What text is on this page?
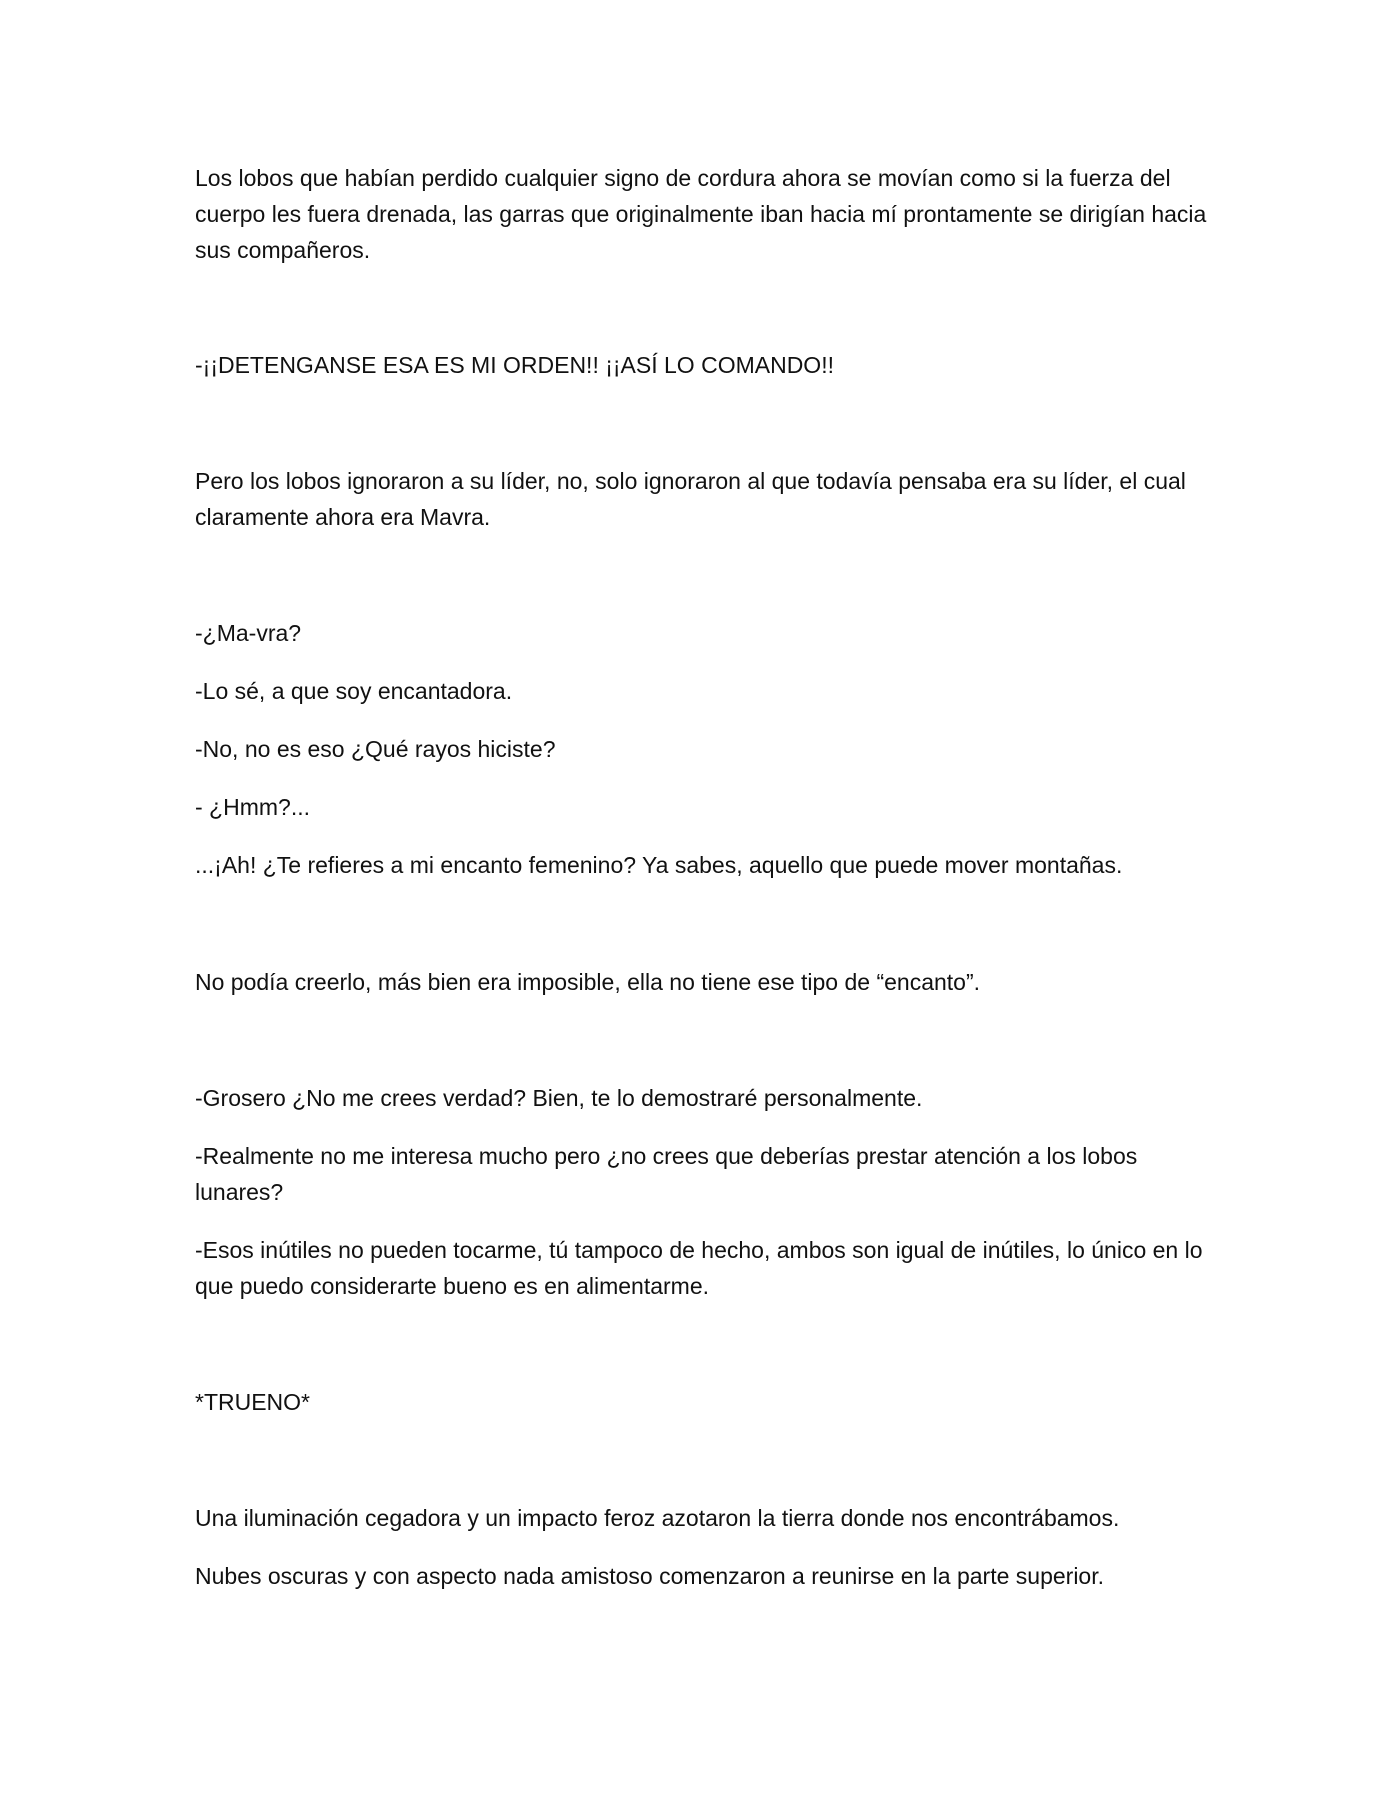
Los lobos que habían perdido cualquier signo de cordura ahora se movían como si la fuerza del
cuerpo les fuera drenada, las garras que originalmente iban hacia mí prontamente se dirigían hacia
sus compañeros.

-¡¡DETENGANSE ESA ES MI ORDEN!! ¡¡ASÍ LO COMANDO!!

Pero los lobos ignoraron a su líder, no, solo ignoraron al que todavía pensaba era su líder, el cual
claramente ahora era Mavra.

-¿Ma-vra?

-Lo sé, a que soy encantadora.

-No, no es eso ¿Qué rayos hiciste?

- ¿Hmm?...

...¡Ah! ¿Te refieres a mi encanto femenino? Ya sabes, aquello que puede mover montañas.

No podía creerlo, más bien era imposible, ella no tiene ese tipo de “encanto”.

-Grosero ¿No me crees verdad? Bien, te lo demostraré personalmente.

-Realmente no me interesa mucho pero ¿no crees que deberías prestar atención a los lobos
lunares?

-Esos inútiles no pueden tocarme, tú tampoco de hecho, ambos son igual de inútiles, lo único en lo
que puedo considerarte bueno es en alimentarme.

*TRUENO*

Una iluminación cegadora y un impacto feroz azotaron la tierra donde nos encontrábamos.

Nubes oscuras y con aspecto nada amistoso comenzaron a reunirse en la parte superior.
